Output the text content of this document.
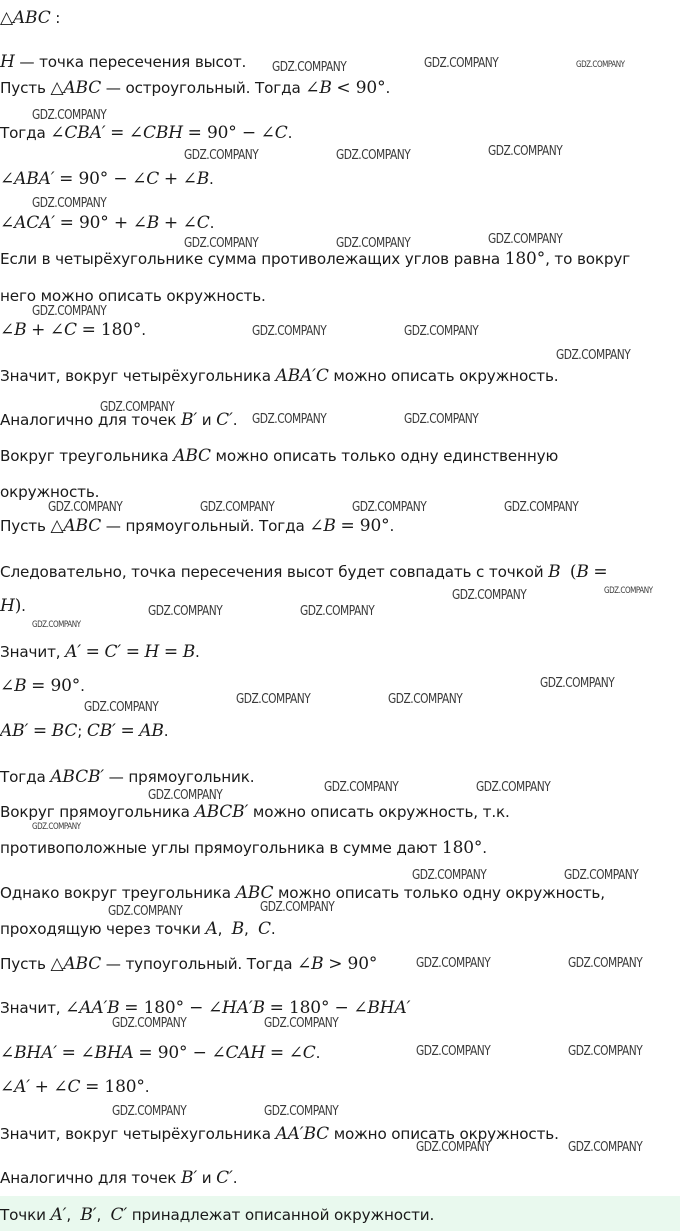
△ABC :
H — точка пересечения высот.
Пусть △ABC — остроугольный. Тогда ∠B < 90°.
Тогда ∠CBA′ = ∠CBH = 90° − ∠C.
∠ABA′ = 90° − ∠C + ∠B.
∠ACA′ = 90° + ∠B + ∠C.
Если в четырёхугольнике сумма противолежащих углов равна 180°, то вокруг
него можно описать окружность.
∠B + ∠C = 180°.
Значит, вокруг четырёхугольника ABA′C можно описать окружность.
Аналогично для точек B′ и C′.
Вокруг треугольника ABC можно описать только одну единственную
окружность.
Пусть △ABC — прямоугольный. Тогда ∠B = 90°.
Следовательно, точка пересечения высот будет совпадать с точкой B (B =
H).
Значит, A′ = C′ = H = B.
∠B = 90°.
AB′ = BC; CB′ = AB.
Тогда ABCB′ — прямоугольник.
Вокруг прямоугольника ABCB′ можно описать окружность, т.к.
противоположные углы прямоугольника в сумме дают 180°.
Однако вокруг треугольника ABC можно описать только одну окружность,
проходящую через точки A,  B,  C.
Пусть △ABC — тупоугольный. Тогда ∠B > 90°
Значит, ∠AA′B = 180° − ∠HA′B = 180° − ∠BHA′
∠BHA′ = ∠BHA = 90° − ∠CAH = ∠C.
∠A′ + ∠C = 180°.
Значит, вокруг четырёхугольника AA′BC можно описать окружность.
Аналогично для точек B′ и C′.
Точки A′,  B′,  C′ принадлежат описанной окружности.
GDZ.COMPANY	GDZ.COMPANY	GDZ.COMPANY
GDZ.COMPANY
GDZ.COMPANY	GDZ.COMPANY	GDZ.COMPANY
GDZ.COMPANY
GDZ.COMPANY	GDZ.COMPANY	GDZ.COMPANY
GDZ.COMPANY
GDZ.COMPANY	GDZ.COMPANY
GDZ.COMPANY
GDZ.COMPANY
GDZ.COMPANY	GDZ.COMPANY
GDZ.COMPANY	GDZ.COMPANY	GDZ.COMPANY	GDZ.COMPANY
GDZ.COMPANY	GDZ.COMPANY
GDZ.COMPANY	GDZ.COMPANY
GDZ.COMPANY
GDZ.COMPANY
GDZ.COMPANY
GDZ.COMPANY	GDZ.COMPANY
GDZ.COMPANY	GDZ.COMPANY
GDZ.COMPANY
GDZ.COMPANY
GDZ.COMPANY	GDZ.COMPANY
GDZ.COMPANY
GDZ.COMPANY
GDZ.COMPANY	GDZ.COMPANY
GDZ.COMPANY	GDZ.COMPANY
GDZ.COMPANY	GDZ.COMPANY
GDZ.COMPANY	GDZ.COMPANY
GDZ.COMPANY	GDZ.COMPANY
